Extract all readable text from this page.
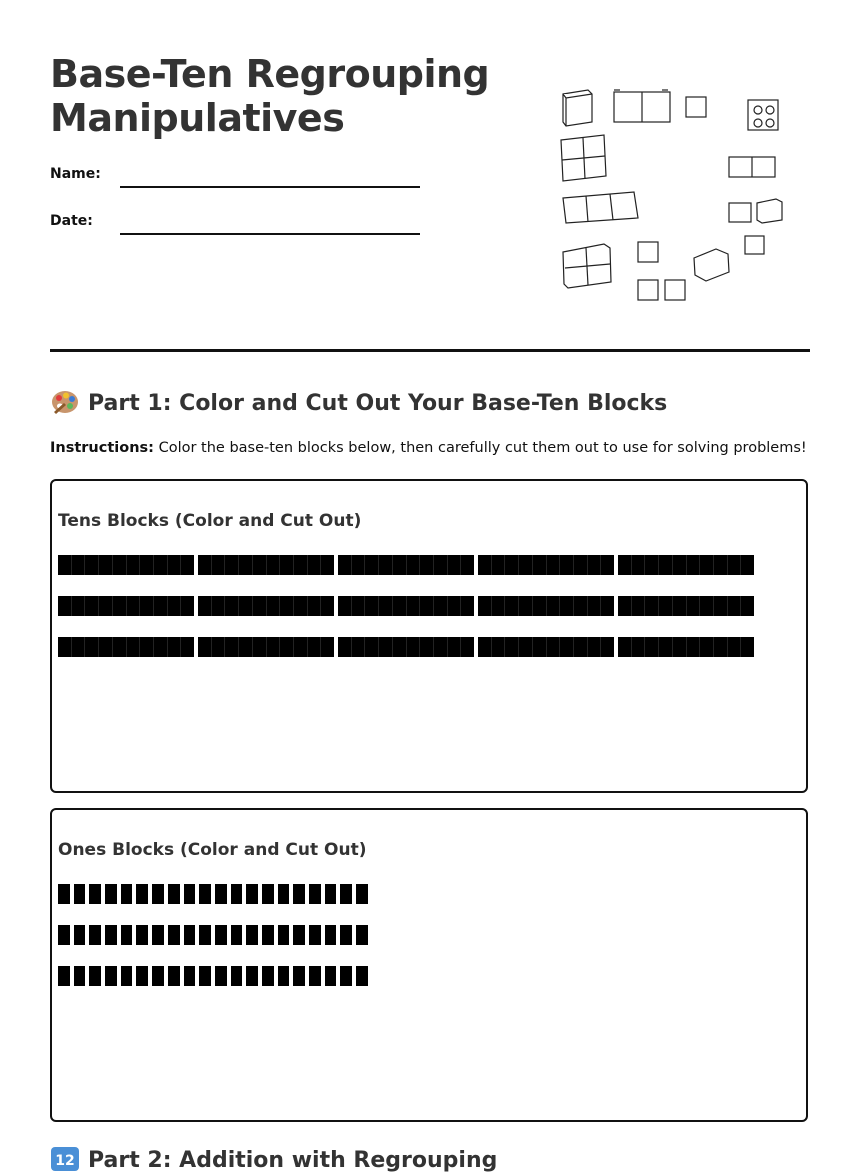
Base-Ten Regrouping Manipulatives
Name:
Date:
Part 1: Color and Cut Out Your Base-Ten Blocks
Instructions: Color the base-ten blocks below, then carefully cut them out to use for solving problems!
Tens Blocks (Color and Cut Out)
Ones Blocks (Color and Cut Out)
12 Part 2: Addition with Regrouping
